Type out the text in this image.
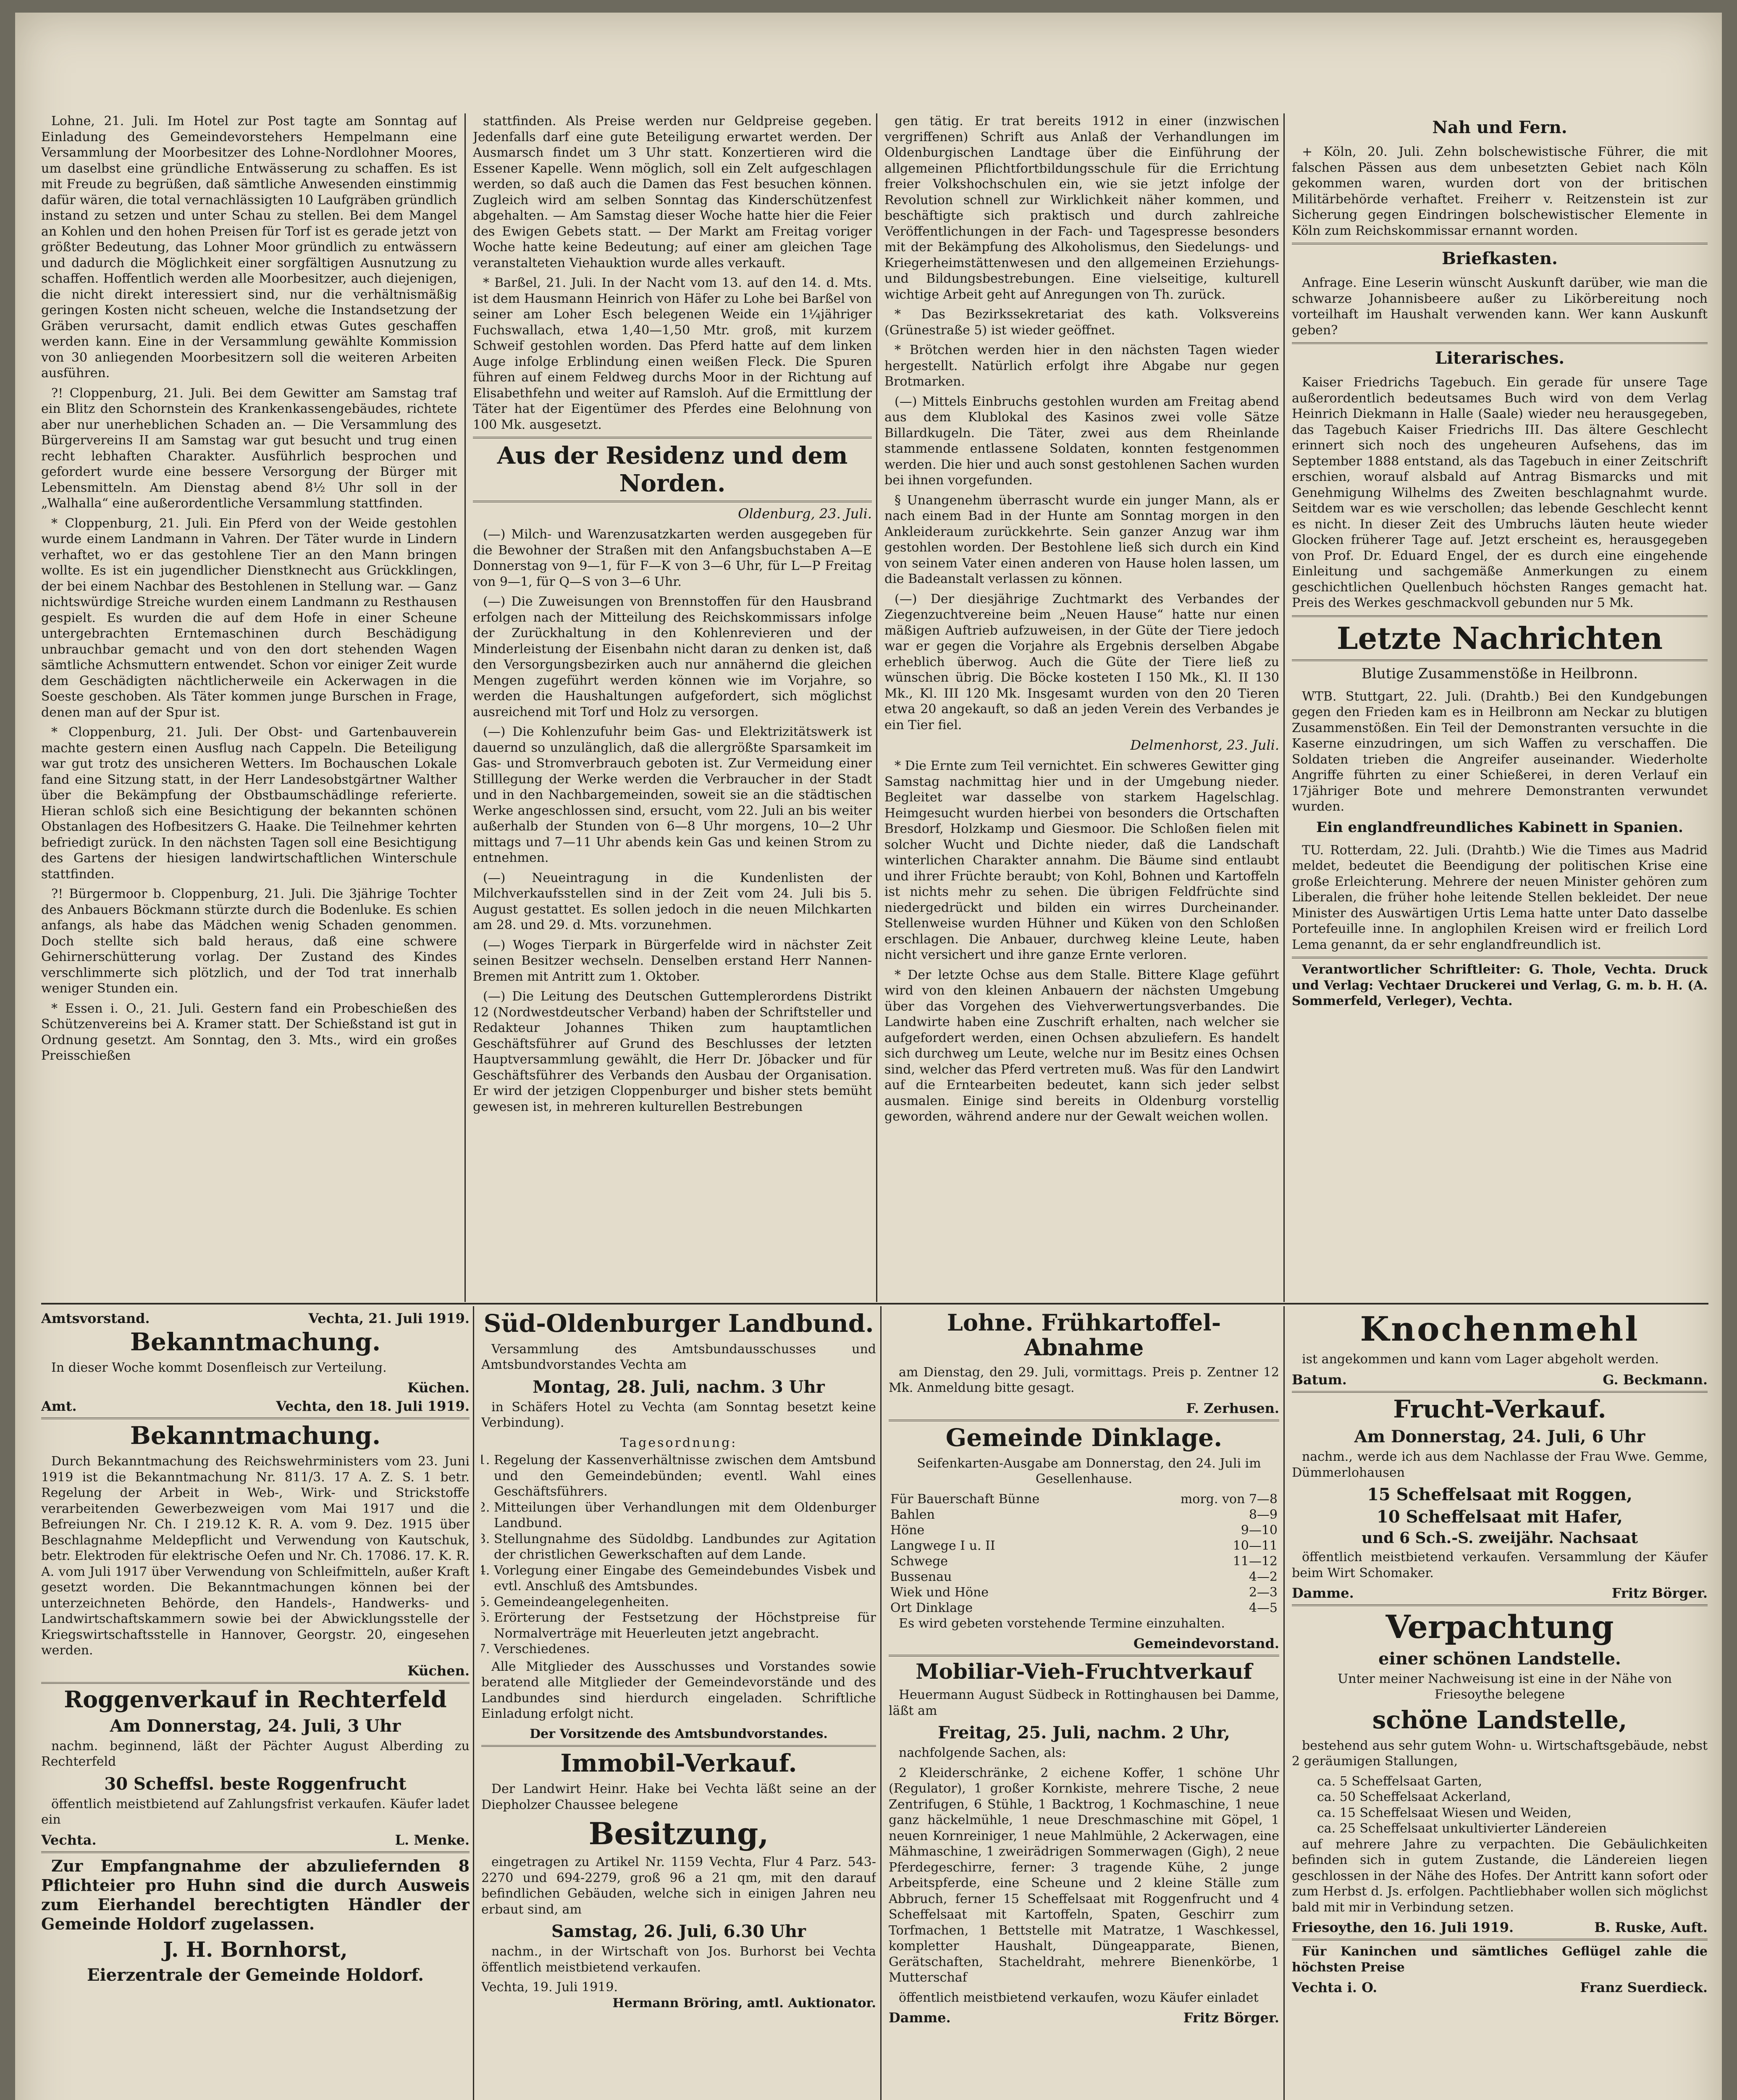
Lohne, 21. Juli. Im Hotel zur Post tagte am Sonntag auf Einladung des Gemeindevorstehers Hempelmann eine Versammlung der Moorbesitzer des Lohne-Nordlohner Moores, um daselbst eine gründliche Entwässerung zu schaffen. Es ist mit Freude zu begrüßen, daß sämtliche Anwesenden einstimmig dafür wären, die total vernachlässigten 10 Laufgräben gründlich instand zu setzen und unter Schau zu stellen. Bei dem Mangel an Kohlen und den hohen Preisen für Torf ist es gerade jetzt von größter Bedeutung, das Lohner Moor gründlich zu entwässern und dadurch die Möglichkeit einer sorgfältigen Ausnutzung zu schaffen. Hoffentlich werden alle Moorbesitzer, auch diejenigen, die nicht direkt interessiert sind, nur die verhältnismäßig geringen Kosten nicht scheuen, welche die Instandsetzung der Gräben verursacht, damit endlich etwas Gutes geschaffen werden kann. Eine in der Versammlung gewählte Kommission von 30 anliegenden Moorbesitzern soll die weiteren Arbeiten ausführen.

?! Cloppenburg, 21. Juli. Bei dem Gewitter am Samstag traf ein Blitz den Schornstein des Krankenkassengebäudes, richtete aber nur unerheblichen Schaden an. — Die Versammlung des Bürgervereins II am Samstag war gut besucht und trug einen recht lebhaften Charakter. Ausführlich besprochen und gefordert wurde eine bessere Versorgung der Bürger mit Lebensmitteln. Am Dienstag abend 8½ Uhr soll in der „Walhalla“ eine außerordentliche Versammlung stattfinden.

* Cloppenburg, 21. Juli. Ein Pferd von der Weide gestohlen wurde einem Landmann in Vahren. Der Täter wurde in Lindern verhaftet, wo er das gestohlene Tier an den Mann bringen wollte. Es ist ein jugendlicher Dienstknecht aus Grückklingen, der bei einem Nachbar des Bestohlenen in Stellung war. — Ganz nichtswürdige Streiche wurden einem Landmann zu Resthausen gespielt. Es wurden die auf dem Hofe in einer Scheune untergebrachten Erntemaschinen durch Beschädigung unbrauchbar gemacht und von den dort stehenden Wagen sämtliche Achsmuttern entwendet. Schon vor einiger Zeit wurde dem Geschädigten nächtlicherweile ein Ackerwagen in die Soeste geschoben. Als Täter kommen junge Burschen in Frage, denen man auf der Spur ist.

* Cloppenburg, 21. Juli. Der Obst- und Gartenbauverein machte gestern einen Ausflug nach Cappeln. Die Beteiligung war gut trotz des unsicheren Wetters. Im Bochauschen Lokale fand eine Sitzung statt, in der Herr Landesobstgärtner Walther über die Bekämpfung der Obstbaumschädlinge referierte. Hieran schloß sich eine Besichtigung der bekannten schönen Obstanlagen des Hofbesitzers G. Haake. Die Teilnehmer kehrten befriedigt zurück. In den nächsten Tagen soll eine Besichtigung des Gartens der hiesigen landwirtschaftlichen Winterschule stattfinden.

?! Bürgermoor b. Cloppenburg, 21. Juli. Die 3jährige Tochter des Anbauers Böckmann stürzte durch die Bodenluke. Es schien anfangs, als habe das Mädchen wenig Schaden genommen. Doch stellte sich bald heraus, daß eine schwere Gehirnerschütterung vorlag. Der Zustand des Kindes verschlimmerte sich plötzlich, und der Tod trat innerhalb weniger Stunden ein.

* Essen i. O., 21. Juli. Gestern fand ein Probeschießen des Schützenvereins bei A. Kramer statt. Der Schießstand ist gut in Ordnung gesetzt. Am Sonntag, den 3. Mts., wird ein großes Preisschießen

stattfinden. Als Preise werden nur Geldpreise gegeben. Jedenfalls darf eine gute Beteiligung erwartet werden. Der Ausmarsch findet um 3 Uhr statt. Konzertieren wird die Essener Kapelle. Wenn möglich, soll ein Zelt aufgeschlagen werden, so daß auch die Damen das Fest besuchen können. Zugleich wird am selben Sonntag das Kinderschützenfest abgehalten. — Am Samstag dieser Woche hatte hier die Feier des Ewigen Gebets statt. — Der Markt am Freitag voriger Woche hatte keine Bedeutung; auf einer am gleichen Tage veranstalteten Viehauktion wurde alles verkauft.

* Barßel, 21. Juli. In der Nacht vom 13. auf den 14. d. Mts. ist dem Hausmann Heinrich von Häfer zu Lohe bei Barßel von seiner am Loher Esch belegenen Weide ein 1¼jähriger Fuchswallach, etwa 1,40—1,50 Mtr. groß, mit kurzem Schweif gestohlen worden. Das Pferd hatte auf dem linken Auge infolge Erblindung einen weißen Fleck. Die Spuren führen auf einem Feldweg durchs Moor in der Richtung auf Elisabethfehn und weiter auf Ramsloh. Auf die Ermittlung der Täter hat der Eigentümer des Pferdes eine Belohnung von 100 Mk. ausgesetzt.

Aus der Residenz und dem Norden.
Oldenburg, 23. Juli.

(—) Milch- und Warenzusatzkarten werden ausgegeben für die Bewohner der Straßen mit den Anfangsbuchstaben A—E Donnerstag von 9—1, für F—K von 3—6 Uhr, für L—P Freitag von 9—1, für Q—S von 3—6 Uhr.

(—) Die Zuweisungen von Brennstoffen für den Hausbrand erfolgen nach der Mitteilung des Reichskommissars infolge der Zurückhaltung in den Kohlenrevieren und der Minderleistung der Eisenbahn nicht daran zu denken ist, daß den Versorgungsbezirken auch nur annähernd die gleichen Mengen zugeführt werden können wie im Vorjahre, so werden die Haushaltungen aufgefordert, sich möglichst ausreichend mit Torf und Holz zu versorgen.

(—) Die Kohlenzufuhr beim Gas- und Elektrizitätswerk ist dauernd so unzulänglich, daß die allergrößte Sparsamkeit im Gas- und Stromverbrauch geboten ist. Zur Vermeidung einer Stilllegung der Werke werden die Verbraucher in der Stadt und in den Nachbargemeinden, soweit sie an die städtischen Werke angeschlossen sind, ersucht, vom 22. Juli an bis weiter außerhalb der Stunden von 6—8 Uhr morgens, 10—2 Uhr mittags und 7—11 Uhr abends kein Gas und keinen Strom zu entnehmen.

(—) Neueintragung in die Kundenlisten der Milchverkaufsstellen sind in der Zeit vom 24. Juli bis 5. August gestattet. Es sollen jedoch in die neuen Milchkarten am 28. und 29. d. Mts. vorzunehmen.

(—) Woges Tierpark in Bürgerfelde wird in nächster Zeit seinen Besitzer wechseln. Denselben erstand Herr Nannen-Bremen mit Antritt zum 1. Oktober.

(—) Die Leitung des Deutschen Guttemplerordens Distrikt 12 (Nordwestdeutscher Verband) haben der Schriftsteller und Redakteur Johannes Thiken zum hauptamtlichen Geschäftsführer auf Grund des Beschlusses der letzten Hauptversammlung gewählt, die Herr Dr. Jöbacker und für Geschäftsführer des Verbands den Ausbau der Organisation. Er wird der jetzigen Cloppenburger und bisher stets bemüht gewesen ist, in mehreren kulturellen Bestrebungen

gen tätig. Er trat bereits 1912 in einer (inzwischen vergriffenen) Schrift aus Anlaß der Verhandlungen im Oldenburgischen Landtage über die Einführung der allgemeinen Pflichtfortbildungsschule für die Errichtung freier Volkshochschulen ein, wie sie jetzt infolge der Revolution schnell zur Wirklichkeit näher kommen, und beschäftigte sich praktisch und durch zahlreiche Veröffentlichungen in der Fach- und Tagespresse besonders mit der Bekämpfung des Alkoholismus, den Siedelungs- und Kriegerheimstättenwesen und den allgemeinen Erziehungs- und Bildungsbestrebungen. Eine vielseitige, kulturell wichtige Arbeit geht auf Anregungen von Th. zurück.

* Das Bezirkssekretariat des kath. Volksvereins (Grünestraße 5) ist wieder geöffnet.

* Brötchen werden hier in den nächsten Tagen wieder hergestellt. Natürlich erfolgt ihre Abgabe nur gegen Brotmarken.

(—) Mittels Einbruchs gestohlen wurden am Freitag abend aus dem Klublokal des Kasinos zwei volle Sätze Billardkugeln. Die Täter, zwei aus dem Rheinlande stammende entlassene Soldaten, konnten festgenommen werden. Die hier und auch sonst gestohlenen Sachen wurden bei ihnen vorgefunden.

§ Unangenehm überrascht wurde ein junger Mann, als er nach einem Bad in der Hunte am Sonntag morgen in den Ankleideraum zurückkehrte. Sein ganzer Anzug war ihm gestohlen worden. Der Bestohlene ließ sich durch ein Kind von seinem Vater einen anderen von Hause holen lassen, um die Badeanstalt verlassen zu können.

(—) Der diesjährige Zuchtmarkt des Verbandes der Ziegenzuchtvereine beim „Neuen Hause“ hatte nur einen mäßigen Auftrieb aufzuweisen, in der Güte der Tiere jedoch war er gegen die Vorjahre als Ergebnis derselben Abgabe erheblich überwog. Auch die Güte der Tiere ließ zu wünschen übrig. Die Böcke kosteten I 150 Mk., Kl. II 130 Mk., Kl. III 120 Mk. Insgesamt wurden von den 20 Tieren etwa 20 angekauft, so daß an jeden Verein des Verbandes je ein Tier fiel.

Delmenhorst, 23. Juli.

* Die Ernte zum Teil vernichtet. Ein schweres Gewitter ging Samstag nachmittag hier und in der Umgebung nieder. Begleitet war dasselbe von starkem Hagelschlag. Heimgesucht wurden hierbei von besonders die Ortschaften Bresdorf, Holzkamp und Giesmoor. Die Schloßen fielen mit solcher Wucht und Dichte nieder, daß die Landschaft winterlichen Charakter annahm. Die Bäume sind entlaubt und ihrer Früchte beraubt; von Kohl, Bohnen und Kartoffeln ist nichts mehr zu sehen. Die übrigen Feldfrüchte sind niedergedrückt und bilden ein wirres Durcheinander. Stellenweise wurden Hühner und Küken von den Schloßen erschlagen. Die Anbauer, durchweg kleine Leute, haben nicht versichert und ihre ganze Ernte verloren.

* Der letzte Ochse aus dem Stalle. Bittere Klage geführt wird von den kleinen Anbauern der nächsten Umgebung über das Vorgehen des Viehverwertungsverbandes. Die Landwirte haben eine Zuschrift erhalten, nach welcher sie aufgefordert werden, einen Ochsen abzuliefern. Es handelt sich durchweg um Leute, welche nur im Besitz eines Ochsen sind, welcher das Pferd vertreten muß. Was für den Landwirt auf die Erntearbeiten bedeutet, kann sich jeder selbst ausmalen. Einige sind bereits in Oldenburg vorstellig geworden, während andere nur der Gewalt weichen wollen.

Nah und Fern.

+ Köln, 20. Juli. Zehn bolschewistische Führer, die mit falschen Pässen aus dem unbesetzten Gebiet nach Köln gekommen waren, wurden dort von der britischen Militärbehörde verhaftet. Freiherr v. Reitzenstein ist zur Sicherung gegen Eindringen bolschewistischer Elemente in Köln zum Reichskommissar ernannt worden.

Briefkasten.

Anfrage. Eine Leserin wünscht Auskunft darüber, wie man die schwarze Johannisbeere außer zu Likörbereitung noch vorteilhaft im Haushalt verwenden kann. Wer kann Auskunft geben?

Literarisches.

Kaiser Friedrichs Tagebuch. Ein gerade für unsere Tage außerordentlich bedeutsames Buch wird von dem Verlag Heinrich Diekmann in Halle (Saale) wieder neu herausgegeben, das Tagebuch Kaiser Friedrichs III. Das ältere Geschlecht erinnert sich noch des ungeheuren Aufsehens, das im September 1888 entstand, als das Tagebuch in einer Zeitschrift erschien, worauf alsbald auf Antrag Bismarcks und mit Genehmigung Wilhelms des Zweiten beschlagnahmt wurde. Seitdem war es wie verschollen; das lebende Geschlecht kennt es nicht. In dieser Zeit des Umbruchs läuten heute wieder Glocken früherer Tage auf. Jetzt erscheint es, herausgegeben von Prof. Dr. Eduard Engel, der es durch eine eingehende Einleitung und sachgemäße Anmerkungen zu einem geschichtlichen Quellenbuch höchsten Ranges gemacht hat. Preis des Werkes geschmackvoll gebunden nur 5 Mk.

Letzte Nachrichten
Blutige Zusammenstöße in Heilbronn.

WTB. Stuttgart, 22. Juli. (Drahtb.) Bei den Kundgebungen gegen den Frieden kam es in Heilbronn am Neckar zu blutigen Zusammenstößen. Ein Teil der Demonstranten versuchte in die Kaserne einzudringen, um sich Waffen zu verschaffen. Die Soldaten trieben die Angreifer auseinander. Wiederholte Angriffe führten zu einer Schießerei, in deren Verlauf ein 17jähriger Bote und mehrere Demonstranten verwundet wurden.

Ein englandfreundliches Kabinett in Spanien.

TU. Rotterdam, 22. Juli. (Drahtb.) Wie die Times aus Madrid meldet, bedeutet die Beendigung der politischen Krise eine große Erleichterung. Mehrere der neuen Minister gehören zum Liberalen, die früher hohe leitende Stellen bekleidet. Der neue Minister des Auswärtigen Urtis Lema hatte unter Dato dasselbe Portefeuille inne. In anglophilen Kreisen wird er freilich Lord Lema genannt, da er sehr englandfreundlich ist.

Verantwortlicher Schriftleiter: G. Thole, Vechta. Druck und Verlag: Vechtaer Druckerei und Verlag, G. m. b. H. (A. Sommerfeld, Verleger), Vechta.

Amtsvorstand.	Vechta, 21. Juli 1919.
Bekanntmachung.

In dieser Woche kommt Dosenfleisch zur Verteilung.

Küchen.
Amt.	Vechta, den 18. Juli 1919.
Bekanntmachung.

Durch Bekanntmachung des Reichswehrministers vom 23. Juni 1919 ist die Bekanntmachung Nr. 811/3. 17 A. Z. S. 1 betr. Regelung der Arbeit in Web-, Wirk- und Strickstoffe verarbeitenden Gewerbezweigen vom Mai 1917 und die Befreiungen Nr. Ch. I 219.12 K. R. A. vom 9. Dez. 1915 über Beschlagnahme Meldepflicht und Verwendung von Kautschuk, betr. Elektroden für elektrische Oefen und Nr. Ch. 17086. 17. K. R. A. vom Juli 1917 über Verwendung von Schleifmitteln, außer Kraft gesetzt worden. Die Bekanntmachungen können bei der unterzeichneten Behörde, den Handels-, Handwerks- und Landwirtschaftskammern sowie bei der Abwicklungsstelle der Kriegswirtschaftsstelle in Hannover, Georgstr. 20, eingesehen werden.

Küchen.
Roggenverkauf in Rechterfeld
Am Donnerstag, 24. Juli, 3 Uhr

nachm. beginnend, läßt der Pächter August Alberding zu Rechterfeld

30 Scheffsl. beste Roggenfrucht

öffentlich meistbietend auf Zahlungsfrist verkaufen. Käufer ladet ein

Vechta.	L. Menke.

Zur Empfangnahme der abzuliefernden 8 Pflichteier pro Huhn sind die durch Ausweis zum Eierhandel berechtigten Händler der Gemeinde Holdorf zugelassen.

J. H. Bornhorst,
Eierzentrale der Gemeinde Holdorf.
Süd-Oldenburger Landbund.

Versammlung des Amtsbundausschusses und Amtsbundvorstandes Vechta am

Montag, 28. Juli, nachm. 3 Uhr

in Schäfers Hotel zu Vechta (am Sonntag besetzt keine Verbindung).

Tagesordnung:
1. Regelung der Kassenverhältnisse zwischen dem Amtsbund und den Gemeindebünden; eventl. Wahl eines Geschäftsführers.
2. Mitteilungen über Verhandlungen mit dem Oldenburger Landbund.
3. Stellungnahme des Südoldbg. Landbundes zur Agitation der christlichen Gewerkschaften auf dem Lande.
4. Vorlegung einer Eingabe des Gemeindebundes Visbek und evtl. Anschluß des Amtsbundes.
5. Gemeindeangelegenheiten.
6. Erörterung der Festsetzung der Höchstpreise für Normalverträge mit Heuerleuten jetzt angebracht.
7. Verschiedenes.

Alle Mitglieder des Ausschusses und Vorstandes sowie beratend alle Mitglieder der Gemeindevorstände und des Landbundes sind hierdurch eingeladen. Schriftliche Einladung erfolgt nicht.

Der Vorsitzende des Amtsbundvorstandes.
Immobil-Verkauf.

Der Landwirt Heinr. Hake bei Vechta läßt seine an der Diepholzer Chaussee belegene

Besitzung,

eingetragen zu Artikel Nr. 1159 Vechta, Flur 4 Parz. 543-2270 und 694-2279, groß 96 a 21 qm, mit den darauf befindlichen Gebäuden, welche sich in einigen Jahren neu erbaut sind, am

Samstag, 26. Juli, 6.30 Uhr

nachm., in der Wirtschaft von Jos. Burhorst bei Vechta öffentlich meistbietend verkaufen.

Vechta, 19. Juli 1919.
Hermann Bröring, amtl. Auktionator.
Lohne. Frühkartoffel-Abnahme

am Dienstag, den 29. Juli, vormittags. Preis p. Zentner 12 Mk. Anmeldung bitte gesagt.

F. Zerhusen.
Gemeinde Dinklage.

Seifenkarten-Ausgabe am Donnerstag, den 24. Juli im Gesellenhause.

Für Bauerschaft Bünne	morg. von 7—8
Bahlen	8—9
Höne	9—10
Langwege I u. II	10—11
Schwege	11—12
Bussenau	4—2
Wiek und Höne	2—3
Ort Dinklage	4—5

Es wird gebeten vorstehende Termine einzuhalten.

Gemeindevorstand.
Mobiliar-Vieh-Fruchtverkauf

Heuermann August Südbeck in Rottinghausen bei Damme, läßt am

Freitag, 25. Juli, nachm. 2 Uhr,

nachfolgende Sachen, als:

2 Kleiderschränke, 2 eichene Koffer, 1 schöne Uhr (Regulator), 1 großer Kornkiste, mehrere Tische, 2 neue Zentrifugen, 6 Stühle, 1 Backtrog, 1 Kochmaschine, 1 neue ganz häckelmühle, 1 neue Dreschmaschine mit Göpel, 1 neuen Kornreiniger, 1 neue Mahlmühle, 2 Ackerwagen, eine Mähmaschine, 1 zweirädrigen Sommerwagen (Gigh), 2 neue Pferdegeschirre, ferner: 3 tragende Kühe, 2 junge Arbeitspferde, eine Scheune und 2 kleine Ställe zum Abbruch, ferner 15 Scheffelsaat mit Roggenfrucht und 4 Scheffelsaat mit Kartoffeln, Spaten, Geschirr zum Torfmachen, 1 Bettstelle mit Matratze, 1 Waschkessel, kompletter Haushalt, Düngeapparate, Bienen, Gerätschaften, Stacheldraht, mehrere Bienenkörbe, 1 Mutterschaf

öffentlich meistbietend verkaufen, wozu Käufer einladet

Damme.	Fritz Börger.
Knochenmehl

ist angekommen und kann vom Lager abgeholt werden.

Batum.	G. Beckmann.
Frucht-Verkauf.
Am Donnerstag, 24. Juli, 6 Uhr

nachm., werde ich aus dem Nachlasse der Frau Wwe. Gemme, Dümmerlohausen

15 Scheffelsaat mit Roggen,
10 Scheffelsaat mit Hafer,
und 6 Sch.-S. zweijähr. Nachsaat

öffentlich meistbietend verkaufen. Versammlung der Käufer beim Wirt Schomaker.

Damme.	Fritz Börger.
Verpachtung
einer schönen Landstelle.

Unter meiner Nachweisung ist eine in der Nähe von Friesoythe belegene

schöne Landstelle,

bestehend aus sehr gutem Wohn- u. Wirtschaftsgebäude, nebst 2 geräumigen Stallungen,

ca. 5 Scheffelsaat Garten,
ca. 50 Scheffelsaat Ackerland,
ca. 15 Scheffelsaat Wiesen und Weiden,
ca. 25 Scheffelsaat unkultivierter Ländereien

auf mehrere Jahre zu verpachten. Die Gebäulichkeiten befinden sich in gutem Zustande, die Ländereien liegen geschlossen in der Nähe des Hofes. Der Antritt kann sofort oder zum Herbst d. Js. erfolgen. Pachtliebhaber wollen sich möglichst bald mit mir in Verbindung setzen.

Friesoythe, den 16. Juli 1919.	B. Ruske, Auft.

Für Kaninchen und sämtliches Geflügel zahle die höchsten Preise

Vechta i. O.	Franz Suerdieck.
